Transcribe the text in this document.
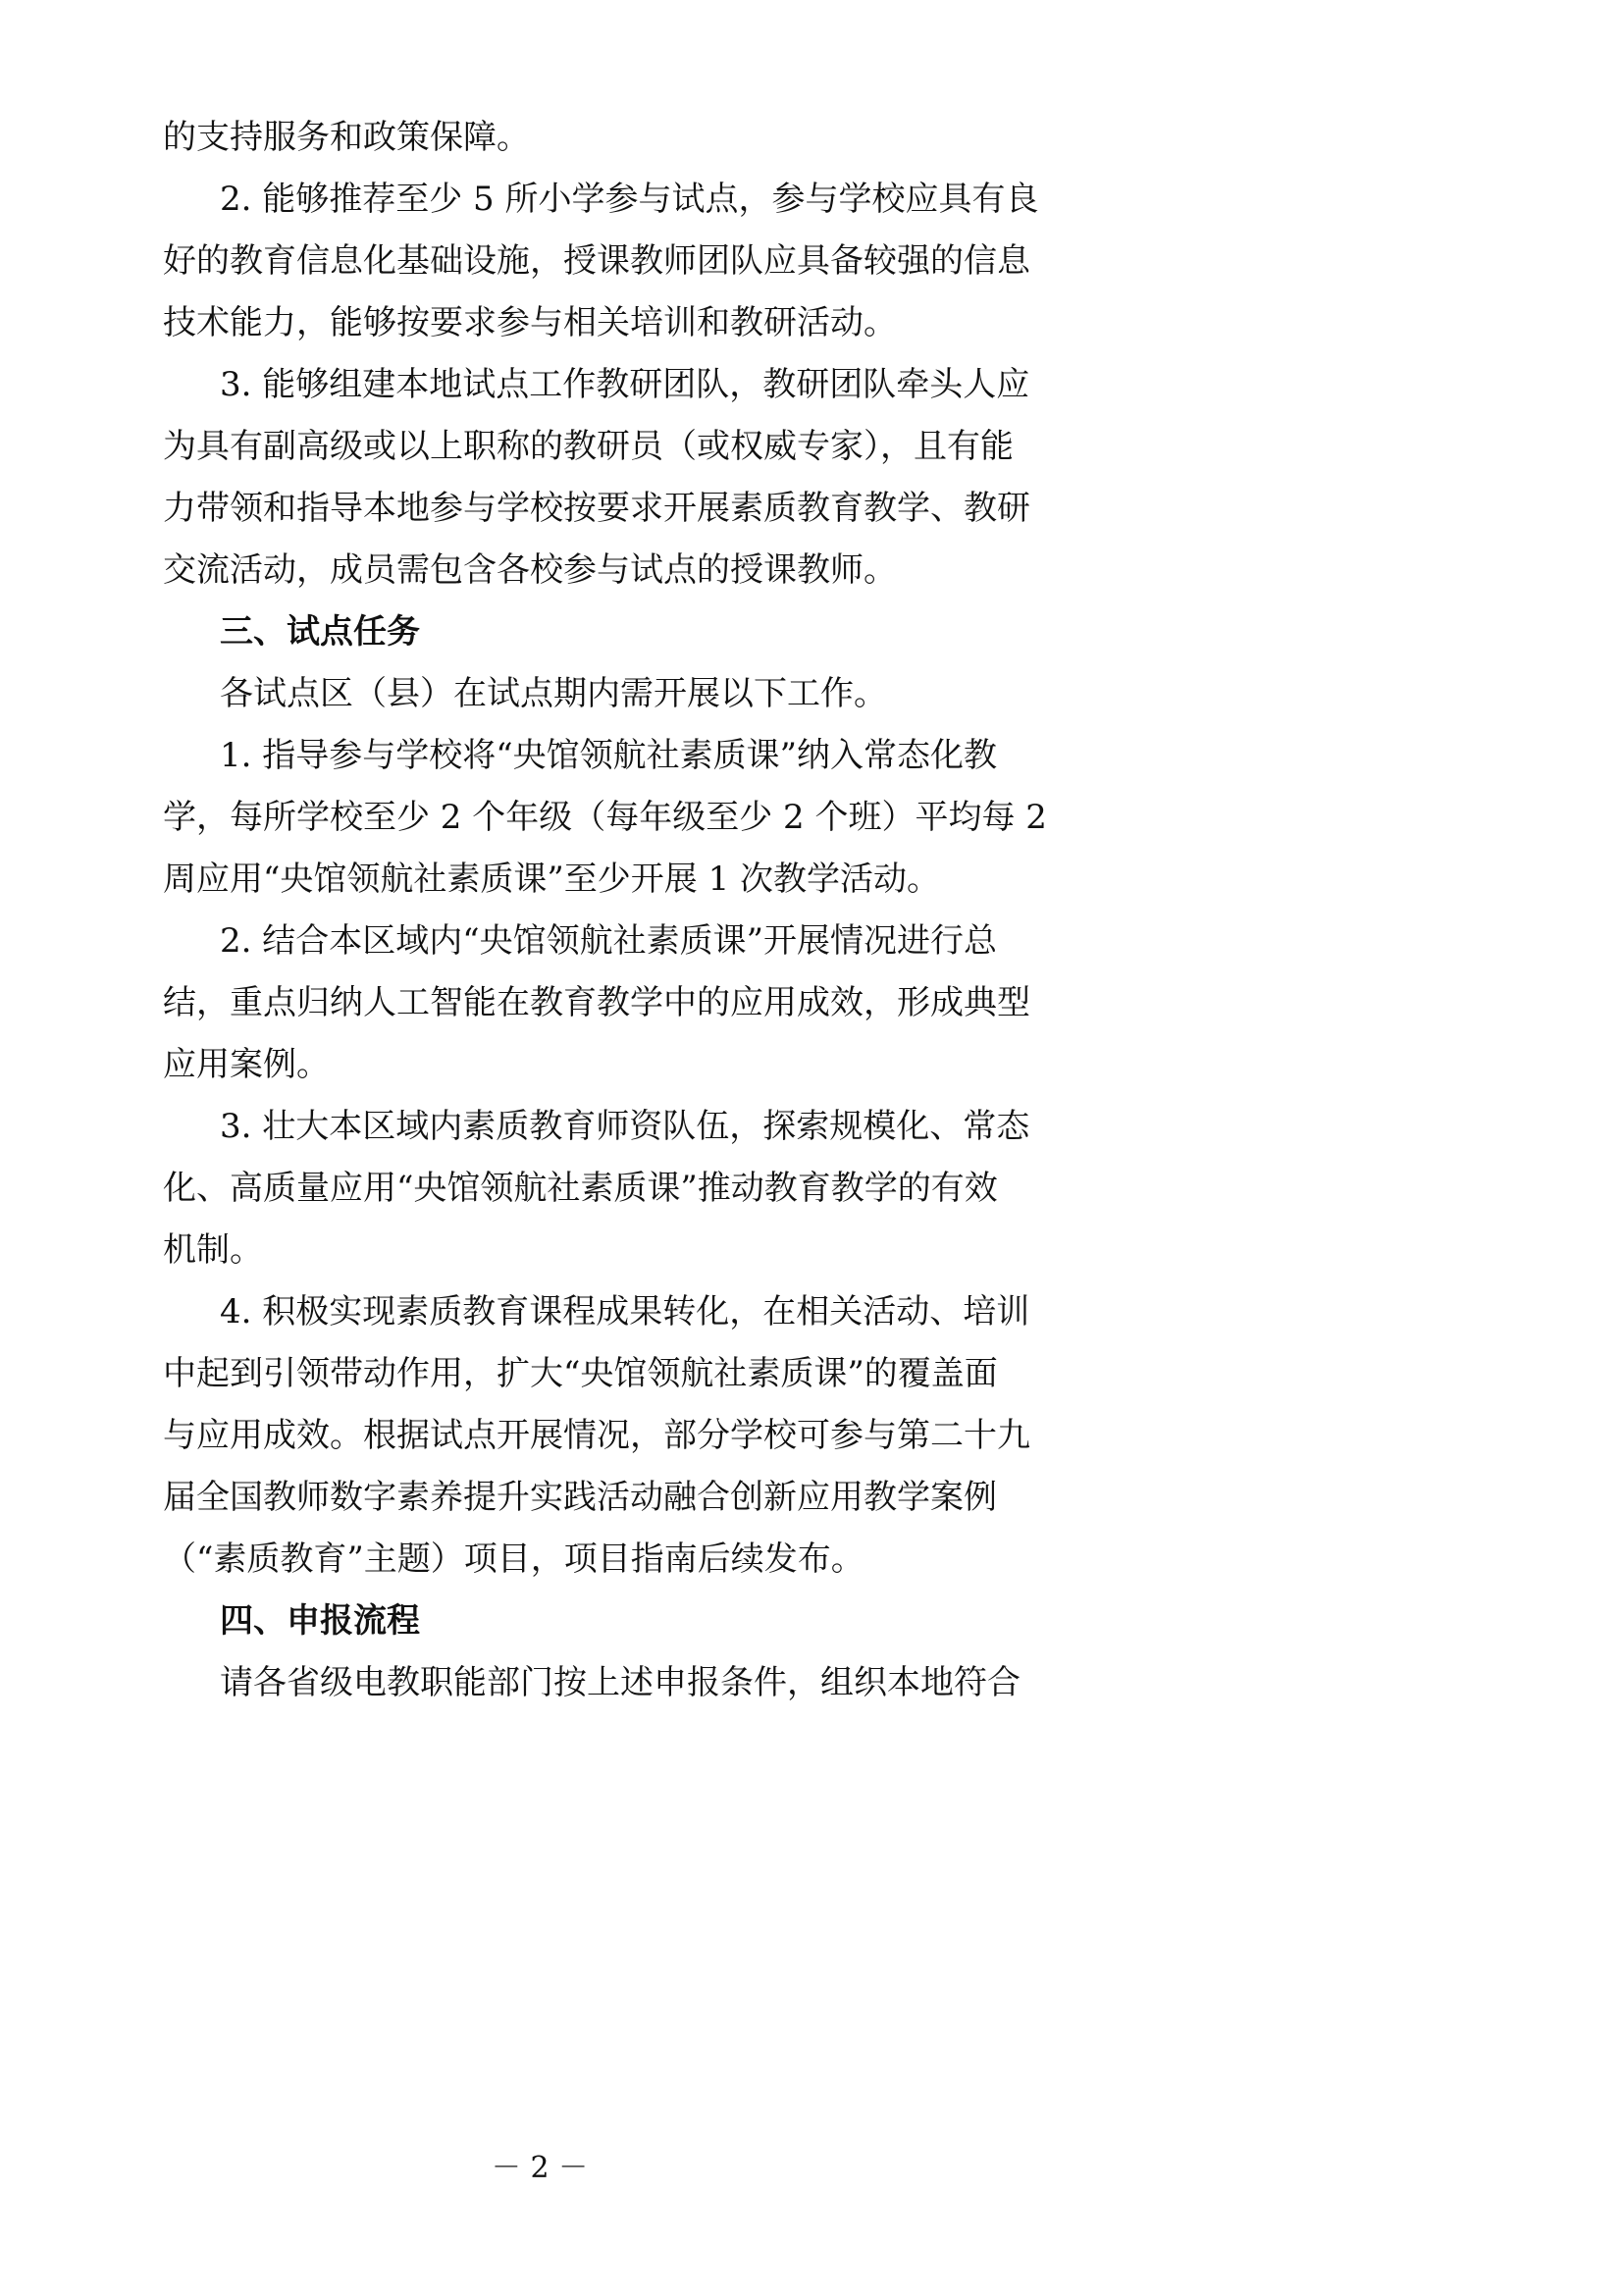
的支持服务和政策保障。
2. 能够推荐至少 5 所小学参与试点，参与学校应具有良
好的教育信息化基础设施，授课教师团队应具备较强的信息
技术能力，能够按要求参与相关培训和教研活动。
3. 能够组建本地试点工作教研团队，教研团队牵头人应
为具有副高级或以上职称的教研员（或权威专家），且有能
力带领和指导本地参与学校按要求开展素质教育教学、教研
交流活动，成员需包含各校参与试点的授课教师。
三、试点任务
各试点区（县）在试点期内需开展以下工作。
1. 指导参与学校将“央馆领航社素质课”纳入常态化教
学，每所学校至少 2 个年级（每年级至少 2 个班）平均每 2
周应用“央馆领航社素质课”至少开展 1 次教学活动。
2. 结合本区域内“央馆领航社素质课”开展情况进行总
结，重点归纳人工智能在教育教学中的应用成效，形成典型
应用案例。
3. 壮大本区域内素质教育师资队伍，探索规模化、常态
化、高质量应用“央馆领航社素质课”推动教育教学的有效
机制。
4. 积极实现素质教育课程成果转化，在相关活动、培训
中起到引领带动作用，扩大“央馆领航社素质课”的覆盖面
与应用成效。根据试点开展情况，部分学校可参与第二十九
届全国教师数字素养提升实践活动融合创新应用教学案例
（“素质教育”主题）项目，项目指南后续发布。
四、申报流程
请各省级电教职能部门按上述申报条件，组织本地符合
－ 2 －
